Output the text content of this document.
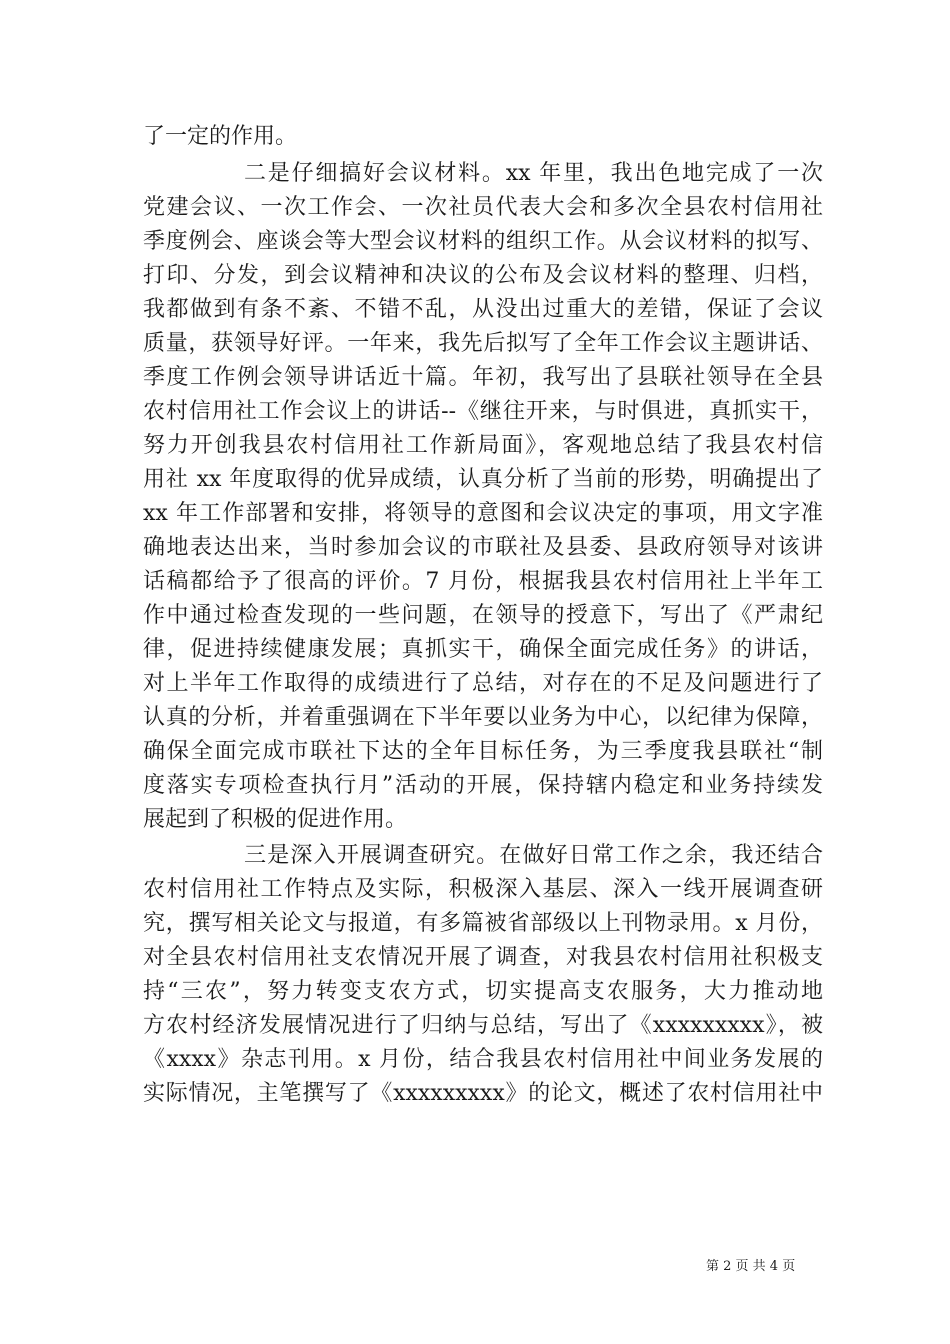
了一定的作用。
二是仔细搞好会议材料。xx 年里，我出色地完成了一次
党建会议、一次工作会、一次社员代表大会和多次全县农村信用社
季度例会、座谈会等大型会议材料的组织工作。从会议材料的拟写、
打印、分发，到会议精神和决议的公布及会议材料的整理、归档，
我都做到有条不紊、不错不乱，从没出过重大的差错，保证了会议
质量，获领导好评。一年来，我先后拟写了全年工作会议主题讲话、
季度工作例会领导讲话近十篇。年初，我写出了县联社领导在全县
农村信用社工作会议上的讲话--《继往开来，与时俱进，真抓实干，
努力开创我县农村信用社工作新局面》，客观地总结了我县农村信
用社 xx 年度取得的优异成绩，认真分析了当前的形势，明确提出了
xx 年工作部署和安排，将领导的意图和会议决定的事项，用文字准
确地表达出来，当时参加会议的市联社及县委、县政府领导对该讲
话稿都给予了很高的评价。7 月份，根据我县农村信用社上半年工
作中通过检查发现的一些问题，在领导的授意下，写出了《严肃纪
律，促进持续健康发展；真抓实干，确保全面完成任务》的讲话，
对上半年工作取得的成绩进行了总结，对存在的不足及问题进行了
认真的分析，并着重强调在下半年要以业务为中心，以纪律为保障，
确保全面完成市联社下达的全年目标任务，为三季度我县联社“制
度落实专项检查执行月”活动的开展，保持辖内稳定和业务持续发
展起到了积极的促进作用。
三是深入开展调查研究。在做好日常工作之余，我还结合
农村信用社工作特点及实际，积极深入基层、深入一线开展调查研
究，撰写相关论文与报道，有多篇被省部级以上刊物录用。x 月份，
对全县农村信用社支农情况开展了调查，对我县农村信用社积极支
持“三农”，努力转变支农方式，切实提高支农服务，大力推动地
方农村经济发展情况进行了归纳与总结，写出了《xxxxxxxxx》，被
《xxxx》杂志刊用。x 月份，结合我县农村信用社中间业务发展的
实际情况，主笔撰写了《xxxxxxxxx》的论文，概述了农村信用社中
第 2 页 共 4 页
